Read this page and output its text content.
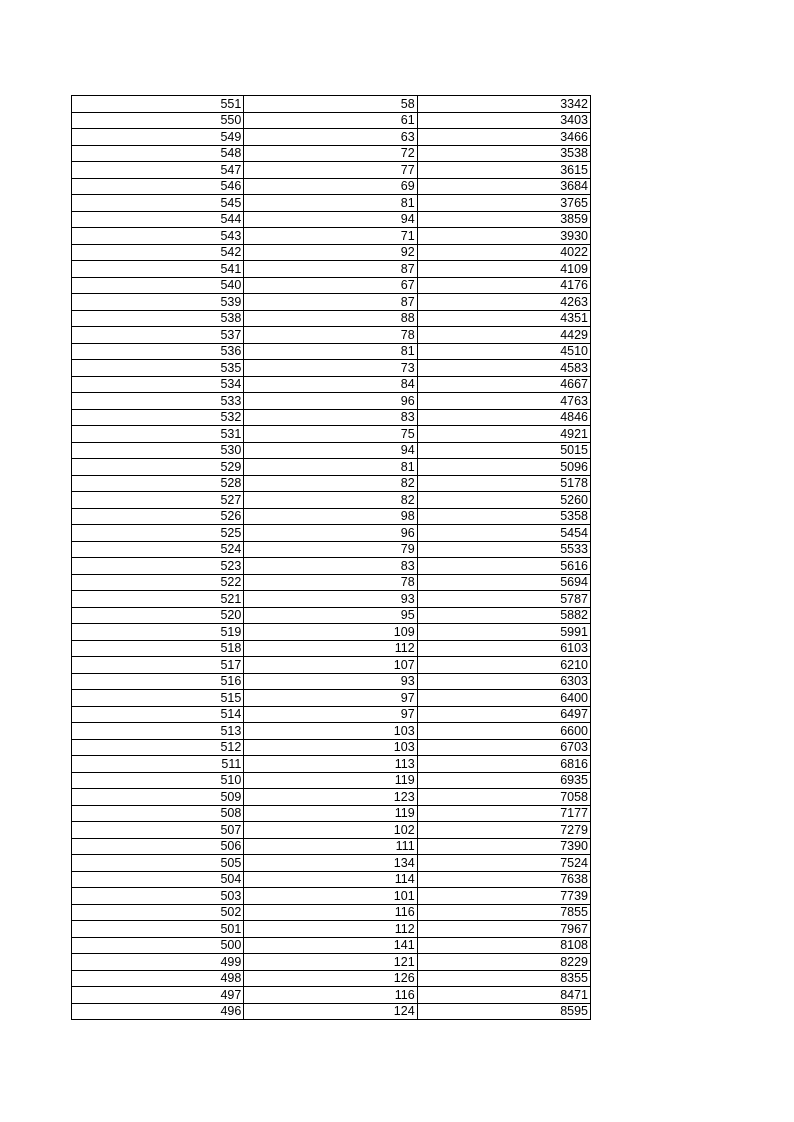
551	58	3342
550	61	3403
549	63	3466
548	72	3538
547	77	3615
546	69	3684
545	81	3765
544	94	3859
543	71	3930
542	92	4022
541	87	4109
540	67	4176
539	87	4263
538	88	4351
537	78	4429
536	81	4510
535	73	4583
534	84	4667
533	96	4763
532	83	4846
531	75	4921
530	94	5015
529	81	5096
528	82	5178
527	82	5260
526	98	5358
525	96	5454
524	79	5533
523	83	5616
522	78	5694
521	93	5787
520	95	5882
519	109	5991
518	112	6103
517	107	6210
516	93	6303
515	97	6400
514	97	6497
513	103	6600
512	103	6703
511	113	6816
510	119	6935
509	123	7058
508	119	7177
507	102	7279
506	111	7390
505	134	7524
504	114	7638
503	101	7739
502	116	7855
501	112	7967
500	141	8108
499	121	8229
498	126	8355
497	116	8471
496	124	8595
